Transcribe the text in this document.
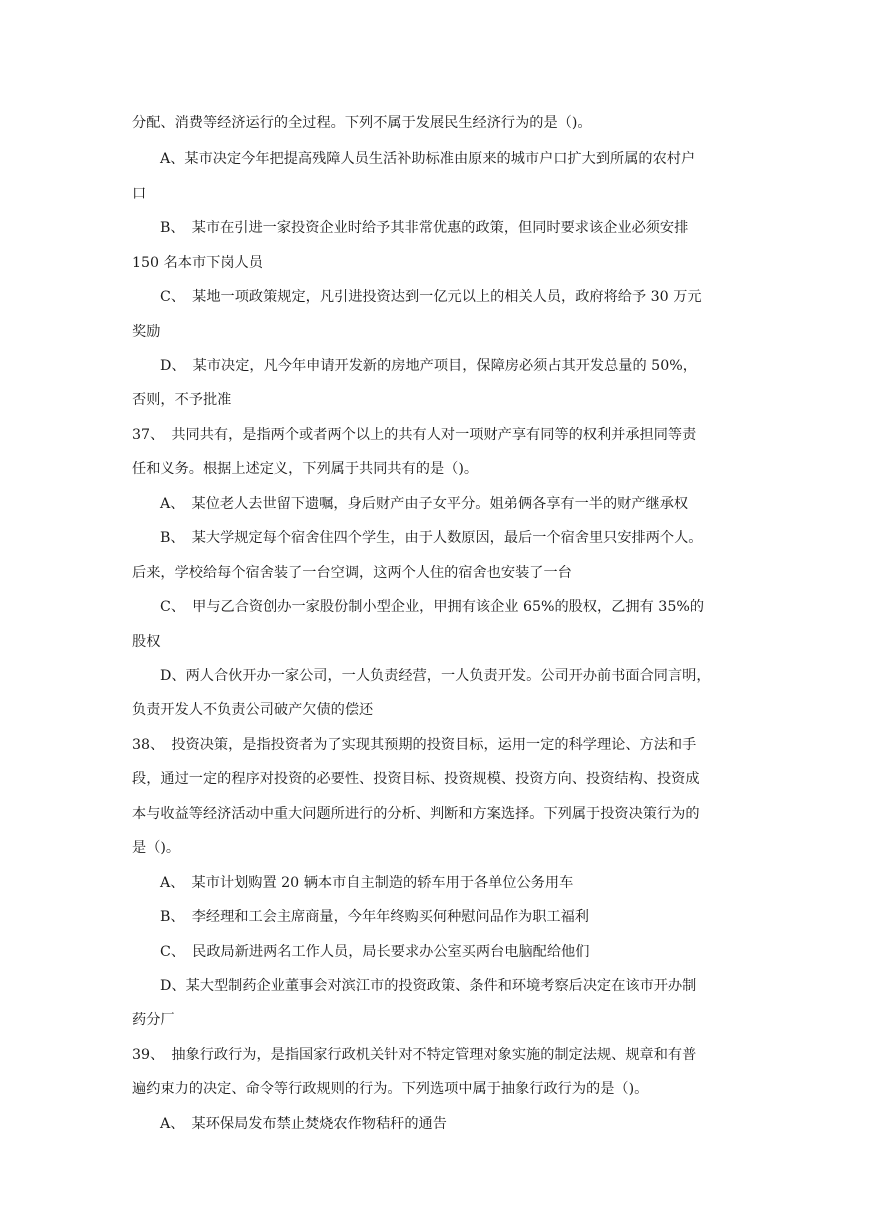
分配、消费等经济运行的全过程。下列不属于发展民生经济行为的是（)。
A、某市决定今年把提高残障人员生活补助标准由原来的城市户口扩大到所属的农村户
口
B、　某市在引进一家投资企业时给予其非常优惠的政策，但同时要求该企业必须安排
150 名本市下岗人员
C、　某地一项政策规定，凡引进投资达到一亿元以上的相关人员，政府将给予 30 万元
奖励
D、　某市决定，凡今年申请开发新的房地产项目，保障房必须占其开发总量的 50%，
否则，不予批准
37、　共同共有，是指两个或者两个以上的共有人对一项财产享有同等的权利并承担同等责
任和义务。根据上述定义，下列属于共同共有的是（)。
A、　某位老人去世留下遗嘱，身后财产由子女平分。姐弟俩各享有一半的财产继承权
B、　某大学规定每个宿舍住四个学生，由于人数原因，最后一个宿舍里只安排两个人。
后来，学校给每个宿舍装了一台空调，这两个人住的宿舍也安装了一台
C、　甲与乙合资创办一家股份制小型企业，甲拥有该企业 65%的股权，乙拥有 35%的
股权
D、两人合伙开办一家公司，一人负责经营，一人负责开发。公司开办前书面合同言明，
负责开发人不负责公司破产欠债的偿还
38、　投资决策，是指投资者为了实现其预期的投资目标，运用一定的科学理论、方法和手
段，通过一定的程序对投资的必要性、投资目标、投资规模、投资方向、投资结构、投资成
本与收益等经济活动中重大问题所进行的分析、判断和方案选择。下列属于投资决策行为的
是（)。
A、　某市计划购置 20 辆本市自主制造的轿车用于各单位公务用车
B、　李经理和工会主席商量，今年年终购买何种慰问品作为职工福利
C、　民政局新进两名工作人员，局长要求办公室买两台电脑配给他们
D、某大型制药企业董事会对滨江市的投资政策、条件和环境考察后决定在该市开办制
药分厂
39、　抽象行政行为，是指国家行政机关针对不特定管理对象实施的制定法规、规章和有普
遍约束力的决定、命令等行政规则的行为。下列选项中属于抽象行政行为的是（)。
A、　某环保局发布禁止焚烧农作物秸秆的通告
